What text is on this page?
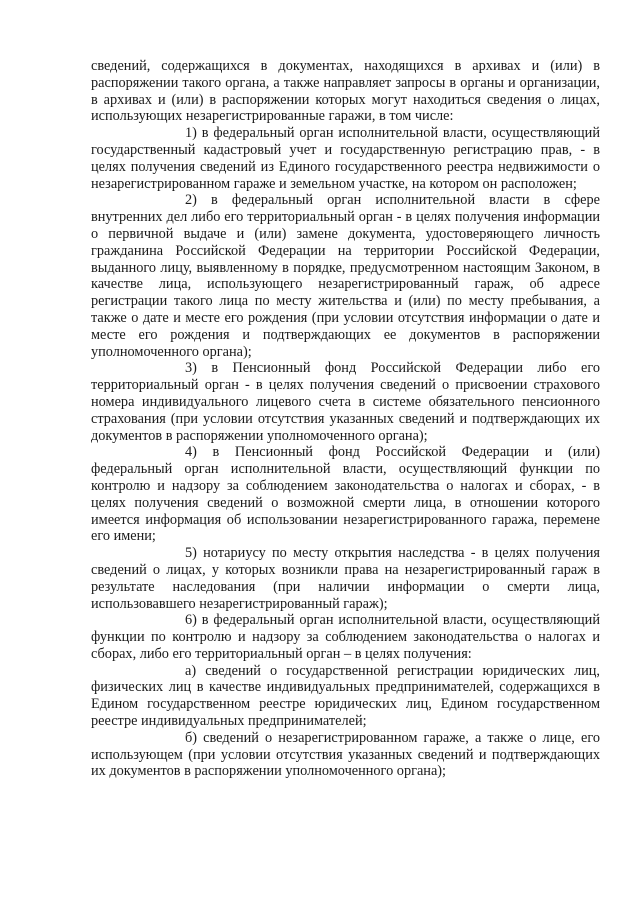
сведений, содержащихся в документах, находящихся в архивах и (или) в распоряжении такого органа, а также направляет запросы в органы и организации, в архивах и (или) в распоряжении которых могут находиться сведения о лицах, использующих незарегистрированные гаражи, в том числе:

1) в федеральный орган исполнительной власти, осуществляющий государственный кадастровый учет и государственную регистрацию прав, - в целях получения сведений из Единого государственного реестра недвижимости о незарегистрированном гараже и земельном участке, на котором он расположен;

2) в федеральный орган исполнительной власти в сфере внутренних дел либо его территориальный орган - в целях получения информации о первичной выдаче и (или) замене документа, удостоверяющего личность гражданина Российской Федерации на территории Российской Федерации, выданного лицу, выявленному в порядке, предусмотренном настоящим Законом, в качестве лица, использующего незарегистрированный гараж, об адресе регистрации такого лица по месту жительства и (или) по месту пребывания, а также о дате и месте его рождения (при условии отсутствия информации о дате и месте его рождения и подтверждающих ее документов в распоряжении уполномоченного органа);

3) в Пенсионный фонд Российской Федерации либо его территориальный орган - в целях получения сведений о присвоении страхового номера индивидуального лицевого счета в системе обязательного пенсионного страхования (при условии отсутствия указанных сведений и подтверждающих их документов в распоряжении уполномоченного органа);

4) в Пенсионный фонд Российской Федерации и (или) федеральный орган исполнительной власти, осуществляющий функции по контролю и надзору за соблюдением законодательства о налогах и сборах, - в целях получения сведений о возможной смерти лица, в отношении которого имеется информация об использовании незарегистрированного гаража, перемене его имени;

5) нотариусу по месту открытия наследства - в целях получения сведений о лицах, у которых возникли права на незарегистрированный гараж в результате наследования (при наличии информации о смерти лица, использовавшего незарегистрированный гараж);

6) в федеральный орган исполнительной власти, осуществляющий функции по контролю и надзору за соблюдением законодательства о налогах и сборах, либо его территориальный орган – в целях получения:

а) сведений о государственной регистрации юридических лиц, физических лиц в качестве индивидуальных предпринимателей, содержащихся в Едином государственном реестре юридических лиц, Едином государственном реестре индивидуальных предпринимателей;

б) сведений о незарегистрированном гараже, а также о лице, его использующем (при условии отсутствия указанных сведений и подтверждающих их документов в распоряжении уполномоченного органа);
